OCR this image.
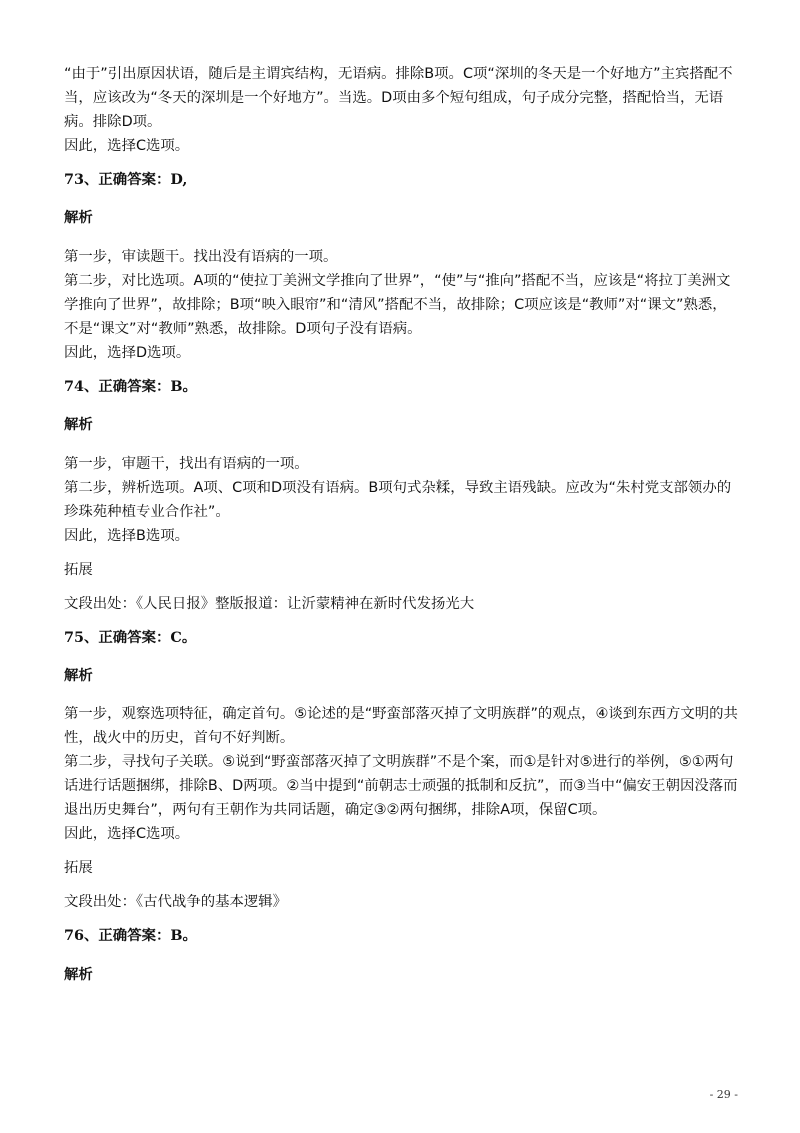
“由于”引出原因状语，随后是主谓宾结构，无语病。排除B项。C项“深圳的冬天是一个好地方”主宾搭配不当，应该改为“冬天的深圳是一个好地方”。当选。D项由多个短句组成，句子成分完整，搭配恰当，无语病。排除D项。

因此，选择C选项。

73、正确答案：D,

解析

第一步，审读题干。找出没有语病的一项。

第二步，对比选项。A项的“使拉丁美洲文学推向了世界”，“使”与“推向”搭配不当，应该是“将拉丁美洲文学推向了世界”，故排除；B项“映入眼帘”和“清风”搭配不当，故排除；C项应该是“教师”对“课文”熟悉，不是“课文”对“教师”熟悉，故排除。D项句子没有语病。

因此，选择D选项。

74、正确答案：B。

解析

第一步，审题干，找出有语病的一项。

第二步，辨析选项。A项、C项和D项没有语病。B项句式杂糅，导致主语残缺。应改为“朱村党支部领办的珍珠苑种植专业合作社”。

因此，选择B选项。

拓展

文段出处：《人民日报》整版报道：让沂蒙精神在新时代发扬光大

75、正确答案：C。

解析

第一步，观察选项特征，确定首句。⑤论述的是“野蛮部落灭掉了文明族群”的观点，④谈到东西方文明的共性，战火中的历史，首句不好判断。

第二步，寻找句子关联。⑤说到“野蛮部落灭掉了文明族群”不是个案，而①是针对⑤进行的举例，⑤①两句话进行话题捆绑，排除B、D两项。②当中提到“前朝志士顽强的抵制和反抗”，而③当中“偏安王朝因没落而退出历史舞台”，两句有王朝作为共同话题，确定③②两句捆绑，排除A项，保留C项。

因此，选择C选项。

拓展

文段出处：《古代战争的基本逻辑》

76、正确答案：B。

解析

- 29 -
